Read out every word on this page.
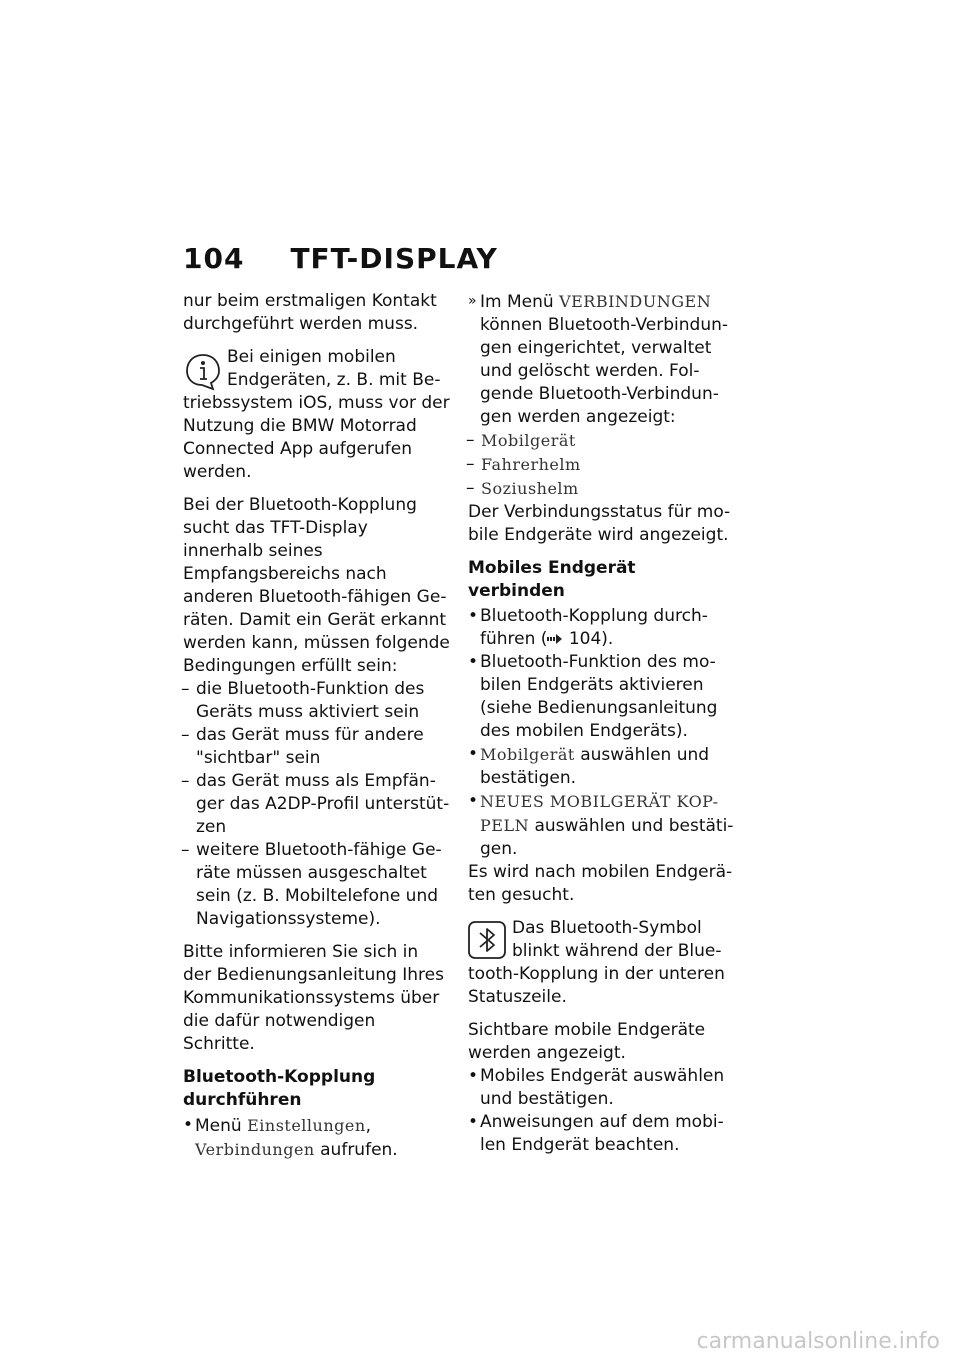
104 TFT-DISPLAY

nur beim erstmaligen Kontakt durchgeführt werden muss.

Bei einigen mobilen Endgeräten, z. B. mit Be-triebssystem iOS, muss vor der Nutzung die BMW Motorrad Connected App aufgerufen werden.

Bei der Bluetooth-Kopplung sucht das TFT-Display innerhalb seines Empfangsbereichs nach anderen Bluetooth-fähigen Ge-räten. Damit ein Gerät erkannt werden kann, müssen folgende Bedingungen erfüllt sein:

– die Bluetooth-Funktion des Geräts muss aktiviert sein
– das Gerät muss für andere "sichtbar" sein
– das Gerät muss als Empfän-ger das A2DP-Profil unterstüt-zen
– weitere Bluetooth-fähige Ge-räte müssen ausgeschaltet sein (z. B. Mobiltelefone und Navigationssysteme).

Bitte informieren Sie sich in der Bedienungsanleitung Ihres Kommunikationssystems über die dafür notwendigen Schritte.

Bluetooth-Kopplung durchführen
• Menü Einstellungen, Verbindungen aufrufen.
» Im Menü VERBINDUNGEN können Bluetooth-Verbindun-gen eingerichtet, verwaltet und gelöscht werden. Fol-gende Bluetooth-Verbindun-gen werden angezeigt:
– Mobilgerät
– Fahrerhelm
– Soziushelm

Der Verbindungsstatus für mo-bile Endgeräte wird angezeigt.

Mobiles Endgerät verbinden
• Bluetooth-Kopplung durch-führen ( 104).
• Bluetooth-Funktion des mo-bilen Endgeräts aktivieren (siehe Bedienungsanleitung des mobilen Endgeräts).
• Mobilgerät auswählen und bestätigen.
• NEUES MOBILGERÄT KOP-PELN auswählen und bestäti-gen.

Es wird nach mobilen Endgerä-ten gesucht.

Das Bluetooth-Symbol blinkt während der Blue-tooth-Kopplung in der unteren Statuszeile.

Sichtbare mobile Endgeräte werden angezeigt.

• Mobiles Endgerät auswählen und bestätigen.
• Anweisungen auf dem mobi-len Endgerät beachten.
carmanualsonline.info
